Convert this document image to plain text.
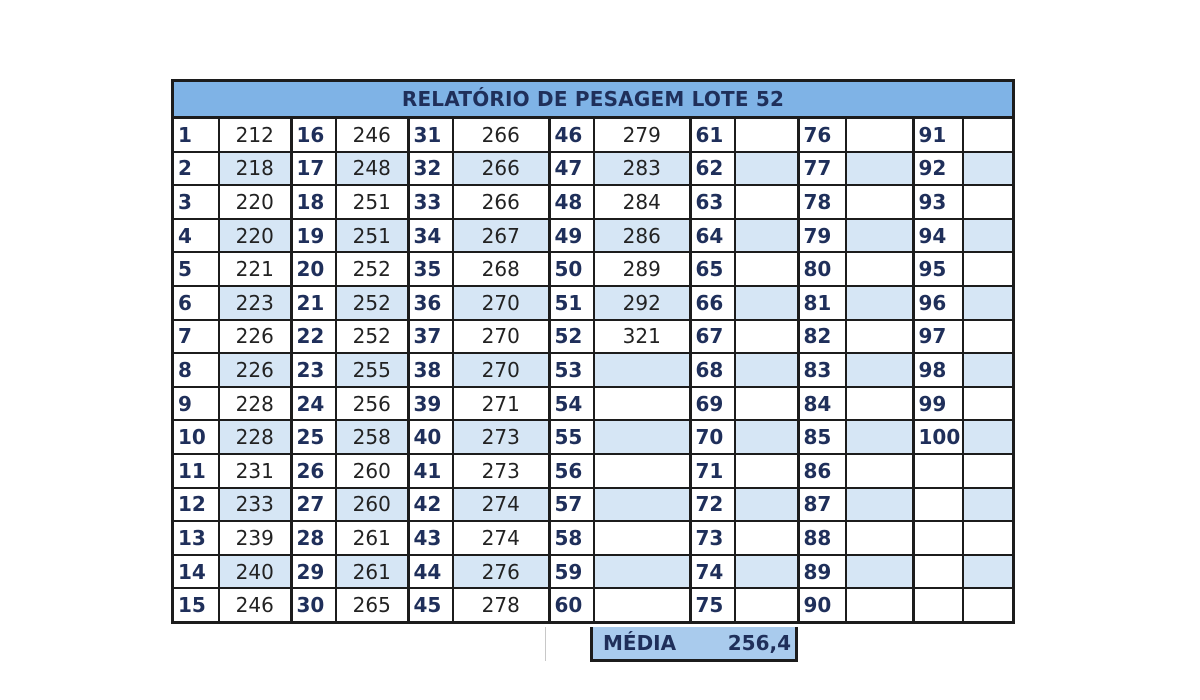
RELATÓRIO DE PESAGEM LOTE 52
1	212	16	246	31	266	46	279	61		76		91	
2	218	17	248	32	266	47	283	62		77		92	
3	220	18	251	33	266	48	284	63		78		93	
4	220	19	251	34	267	49	286	64		79		94	
5	221	20	252	35	268	50	289	65		80		95	
6	223	21	252	36	270	51	292	66		81		96	
7	226	22	252	37	270	52	321	67		82		97	
8	226	23	255	38	270	53		68		83		98	
9	228	24	256	39	271	54		69		84		99	
10	228	25	258	40	273	55		70		85		100	
11	231	26	260	41	273	56		71		86			
12	233	27	260	42	274	57		72		87			
13	239	28	261	43	274	58		73		88			
14	240	29	261	44	276	59		74		89			
15	246	30	265	45	278	60		75		90			
MÉDIA	256,4
